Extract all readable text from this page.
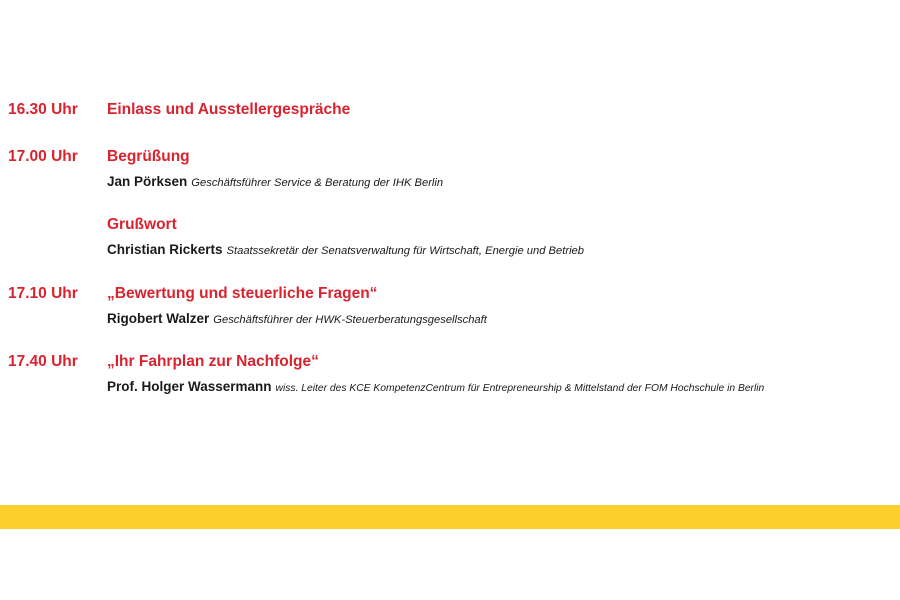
16.30 Uhr Einlass und Ausstellergespräche
17.00 Uhr Begrüßung
Jan Pörksen Geschäftsführer Service & Beratung der IHK Berlin
Grußwort
Christian Rickerts Staatssekretär der Senatsverwaltung für Wirtschaft, Energie und Betrieb
17.10 Uhr „Bewertung und steuerliche Fragen“
Rigobert Walzer Geschäftsführer der HWK-Steuerberatungsgesellschaft
17.40 Uhr „Ihr Fahrplan zur Nachfolge“
Prof. Holger Wassermann wiss. Leiter des KCE KompetenzCentrum für Entrepreneurship & Mittelstand der FOM Hochschule in Berlin
